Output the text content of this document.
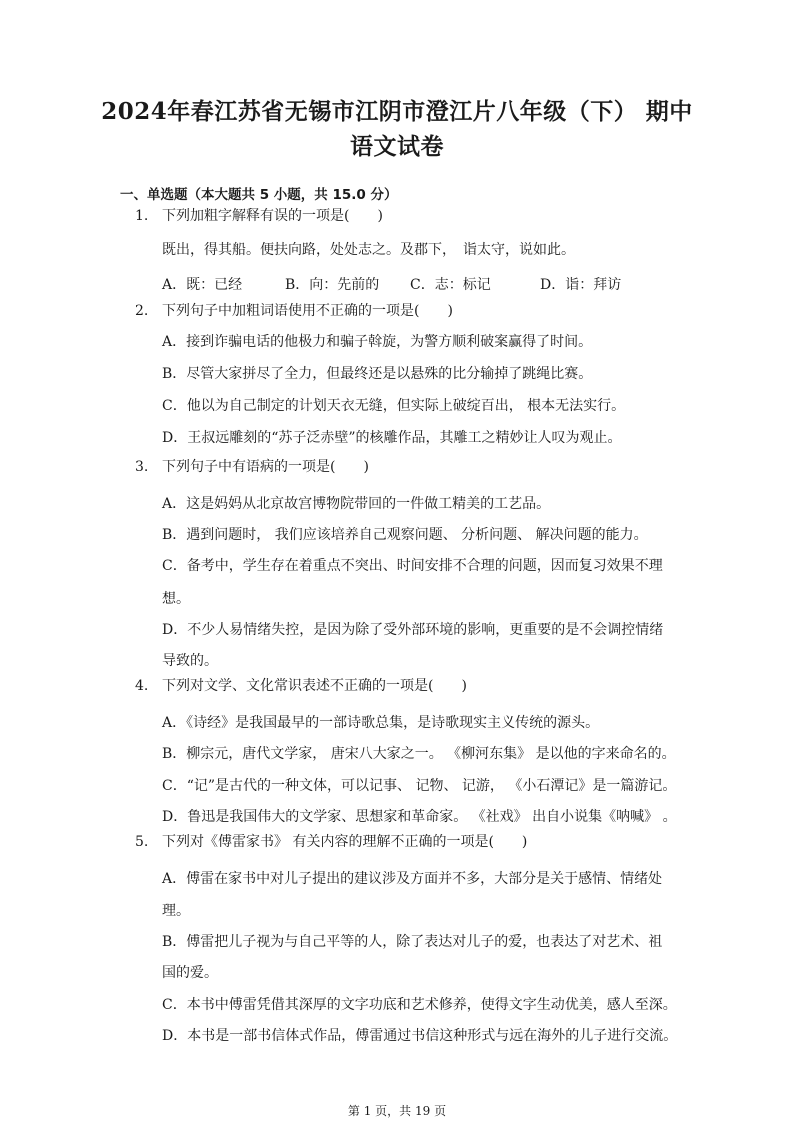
2024年春江苏省无锡市江阴市澄江片八年级（下） 期中
语文试卷
一、单选题（本大题共 5 小题，共 15.0 分）
1. 下列加粗字解释有误的一项是(　　)
既出，得其船。便扶向路，处处志之。及郡下，　诣太守，说如此。
A．既：已经	B．向：先前的 C．志：标记	D．诣：拜访
2. 下列句子中加粗词语使用不正确的一项是(　　)
A．接到诈骗电话的他极力和骗子斡旋，为警方顺利破案赢得了时间。
B．尽管大家拼尽了全力，但最终还是以悬殊的比分输掉了跳绳比赛。
C．他以为自己制定的计划天衣无缝，但实际上破绽百出， 根本无法实行。
D．王叔远雕刻的“苏子泛赤壁”的核雕作品，其雕工之精妙让人叹为观止。
3. 下列句子中有语病的一项是(　　)
A．这是妈妈从北京故宫博物院带回的一件做工精美的工艺品。
B．遇到问题时， 我们应该培养自己观察问题、 分析问题、 解决问题的能力。
C．备考中，学生存在着重点不突出、时间安排不合理的问题，因而复习效果不理
想。
D．不少人易情绪失控，是因为除了受外部环境的影响，更重要的是不会调控情绪
导致的。
4. 下列对文学、文化常识表述不正确的一项是(　　)
A．《诗经》是我国最早的一部诗歌总集，是诗歌现实主义传统的源头。
B．柳宗元，唐代文学家， 唐宋八大家之一。 《柳河东集》 是以他的字来命名的。
C．“记”是古代的一种文体，可以记事、 记物、 记游， 《小石潭记》是一篇游记。
D．鲁迅是我国伟大的文学家、思想家和革命家。 《社戏》 出自小说集《呐喊》 。
5. 下列对《傅雷家书》 有关内容的理解不正确的一项是(　　)
A．傅雷在家书中对儿子提出的建议涉及方面并不多，大部分是关于感情、情绪处
理。
B．傅雷把儿子视为与自己平等的人，除了表达对儿子的爱，也表达了对艺术、祖
国的爱。
C．本书中傅雷凭借其深厚的文字功底和艺术修养，使得文字生动优美，感人至深。
D．本书是一部书信体式作品，傅雷通过书信这种形式与远在海外的儿子进行交流。
第 1 页，共 19 页
